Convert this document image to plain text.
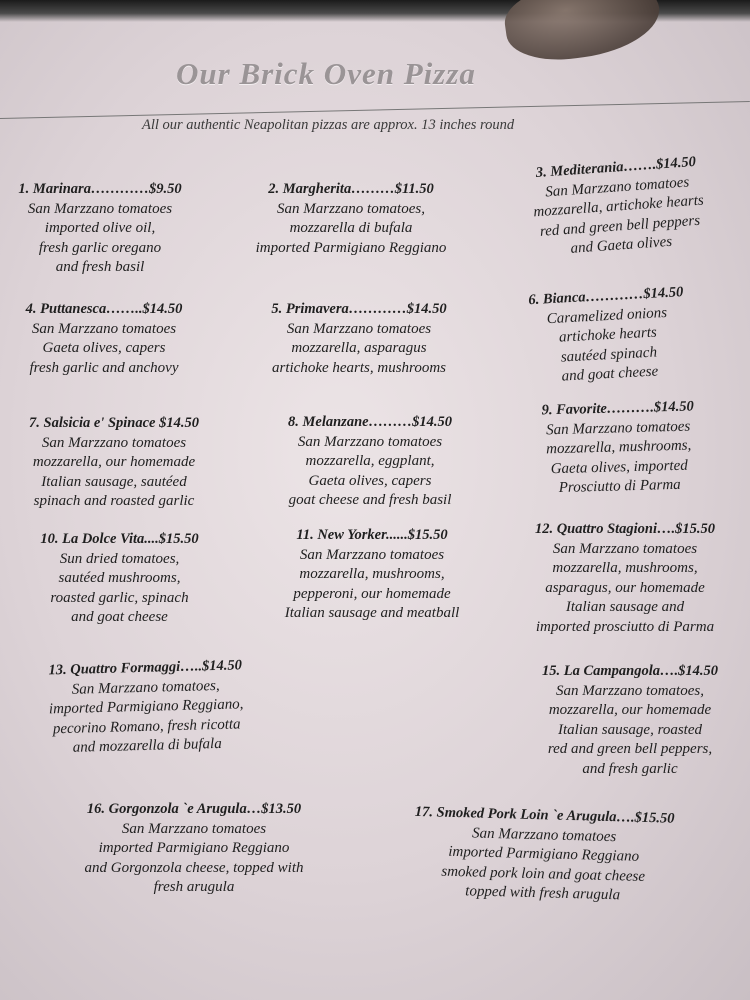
Our Brick Oven Pizza
All our authentic Neapolitan pizzas are approx. 13 inches round
1. Marinara…………$9.50
San Marzzano tomatoes
imported olive oil,
fresh garlic oregano
and fresh basil
2. Margherita………$11.50
San Marzzano tomatoes,
mozzarella di bufala
imported Parmigiano Reggiano
3. Mediterania…….$14.50
San Marzzano tomatoes
mozzarella, artichoke hearts
red and green bell peppers
and Gaeta olives
4. Puttanesca……..$14.50
San Marzzano tomatoes
Gaeta olives, capers
fresh garlic and anchovy
5. Primavera…………$14.50
San Marzzano tomatoes
mozzarella, asparagus
artichoke hearts, mushrooms
6. Bianca…………$14.50
Caramelized onions
artichoke hearts
sautéed spinach
and goat cheese
7. Salsicia e' Spinace $14.50
San Marzzano tomatoes
mozzarella, our homemade
Italian sausage, sautéed
spinach and roasted garlic
8. Melanzane………$14.50
San Marzzano tomatoes
mozzarella, eggplant,
Gaeta olives, capers
goat cheese and fresh basil
9. Favorite……….$14.50
San Marzzano tomatoes
mozzarella, mushrooms,
Gaeta olives, imported
Prosciutto di Parma
10. La Dolce Vita....$15.50
Sun dried tomatoes,
sautéed mushrooms,
roasted garlic, spinach
and goat cheese
11. New Yorker......$15.50
San Marzzano tomatoes
mozzarella, mushrooms,
pepperoni, our homemade
Italian sausage and meatball
12. Quattro Stagioni….$15.50
San Marzzano tomatoes
mozzarella, mushrooms,
asparagus, our homemade
Italian sausage and
imported prosciutto di Parma
13. Quattro Formaggi…..$14.50
San Marzzano tomatoes,
imported Parmigiano Reggiano,
pecorino Romano, fresh ricotta
and mozzarella di bufala
15. La Campangola….$14.50
San Marzzano tomatoes,
mozzarella, our homemade
Italian sausage, roasted
red and green bell peppers,
and fresh garlic
16. Gorgonzola `e Arugula…$13.50
San Marzzano tomatoes
imported Parmigiano Reggiano
and Gorgonzola cheese, topped with
fresh arugula
17. Smoked Pork Loin `e Arugula….$15.50
San Marzzano tomatoes
imported Parmigiano Reggiano
smoked pork loin and goat cheese
topped with fresh arugula
